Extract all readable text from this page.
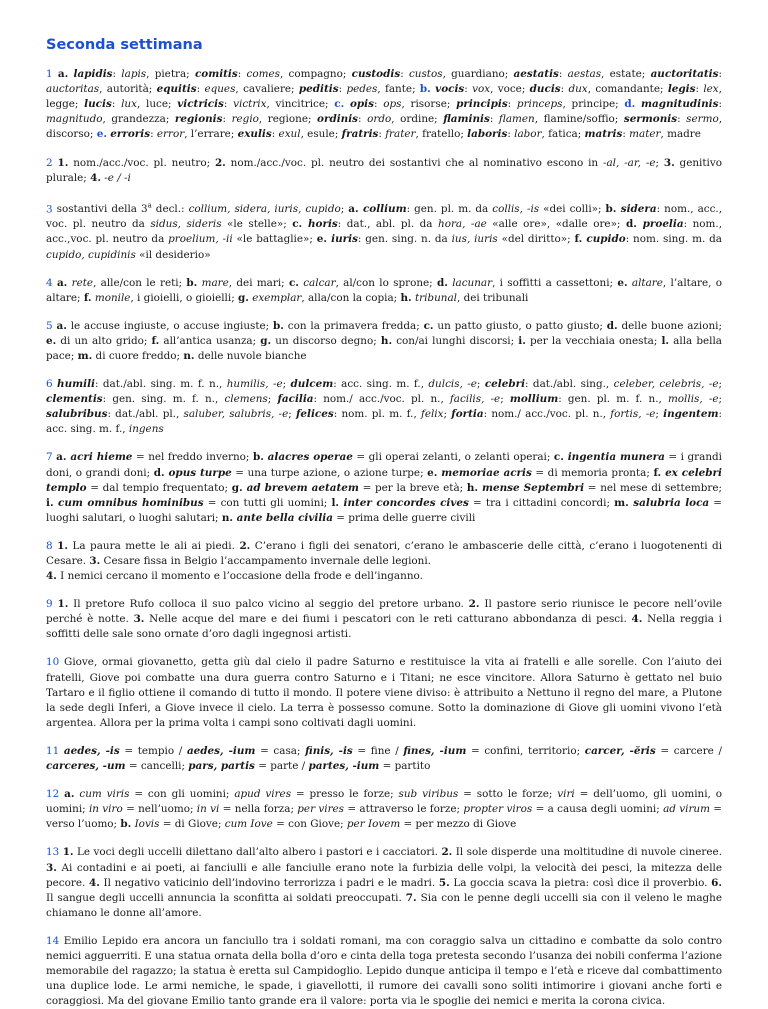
Seconda settimana

1 a. lapidis: lapis, pietra; comitis: comes, compagno; custodis: custos, guardiano; aestatis: aestas, estate; auctoritatis: auctoritas, autorità; equitis: eques, cavaliere; peditis: pedes, fante; b. vocis: vox, voce; ducis: dux, comandante; legis: lex, legge; lucis: lux, luce; victricis: victrix, vincitrice; c. opis: ops, risorse; principis: princeps, principe; d. magnitudinis: magnitudo, grandezza; regionis: regio, regione; ordinis: ordo, ordine; flaminis: flamen, flamine/soffio; sermonis: sermo, discorso; e. erroris: error, l’errare; exulis: exul, esule; fratris: frater, fratello; laboris: labor, fatica; matris: mater, madre

2 1. nom./acc./voc. pl. neutro; 2. nom./acc./voc. pl. neutro dei sostantivi che al nominativo escono in -al, -ar, -e; 3. genitivo plurale; 4. -e / -i

3 sostantivi della 3$^a$ decl.: collium, sidera, iuris, cupido; a. collium: gen. pl. m. da collis, -is «dei colli»; b. sidera: nom., acc., voc. pl. neutro da sidus, sideris «le stelle»; c. horis: dat., abl. pl. da hora, -ae «alle ore», «dalle ore»; d. proelia: nom., acc.,voc. pl. neutro da proelium, -ii «le battaglie»; e. iuris: gen. sing. n. da ius, iuris «del diritto»; f. cupido: nom. sing. m. da cupido, cupidinis «il desiderio»

4 a. rete, alle/con le reti; b. mare, dei mari; c. calcar, al/con lo sprone; d. lacunar, i soffitti a cassettoni; e. altare, l’altare, o altare; f. monile, i gioielli, o gioielli; g. exemplar, alla/con la copia; h. tribunal, dei tribunali

5 a. le accuse ingiuste, o accuse ingiuste; b. con la primavera fredda; c. un patto giusto, o patto giusto; d. delle buone azioni; e. di un alto grido; f. all’antica usanza; g. un discorso degno; h. con/ai lunghi discorsi; i. per la vecchiaia onesta; l. alla bella pace; m. di cuore freddo; n. delle nuvole bianche

6 humili: dat./abl. sing. m. f. n., humilis, -e; dulcem: acc. sing. m. f., dulcis, -e; celebri: dat./abl. sing., celeber, celebris, -e; clementis: gen. sing. m. f. n., clemens; facilia: nom./ acc./voc. pl. n., facilis, -e; mollium: gen. pl. m. f. n., mollis, -e; salubribus: dat./abl. pl., saluber, salubris, -e; felices: nom. pl. m. f., felix; fortia: nom./ acc./voc. pl. n., fortis, -e; ingentem: acc. sing. m. f., ingens

7 a. acri hieme = nel freddo inverno; b. alacres operae = gli operai zelanti, o zelanti operai; c. ingentia munera = i grandi doni, o grandi doni; d. opus turpe = una turpe azione, o azione turpe; e. memoriae acris = di memoria pronta; f. ex celebri templo = dal tempio frequentato; g. ad brevem aetatem = per la breve età; h. mense Septembri = nel mese di settembre; i. cum omnibus hominibus = con tutti gli uomini; l. inter concordes cives = tra i cittadini concordi; m. salubria loca = luoghi salutari, o luoghi salutari; n. ante bella civilia = prima delle guerre civili

8 1. La paura mette le ali ai piedi. 2. C’erano i figli dei senatori, c’erano le ambascerie delle città, c’erano i luogotenenti di Cesare. 3. Cesare fissa in Belgio l’accampamento invernale delle legioni.
4. I nemici cercano il momento e l’occasione della frode e dell’inganno.

9 1. Il pretore Rufo colloca il suo palco vicino al seggio del pretore urbano. 2. Il pastore serio riunisce le pecore nell’ovile perché è notte. 3. Nelle acque del mare e dei fiumi i pescatori con le reti catturano abbondanza di pesci. 4. Nella reggia i soffitti delle sale sono ornate d’oro dagli ingegnosi artisti.

10 Giove, ormai giovanetto, getta giù dal cielo il padre Saturno e restituisce la vita ai fratelli e alle sorelle. Con l’aiuto dei fratelli, Giove poi combatte una dura guerra contro Saturno e i Titani; ne esce vincitore. Allora Saturno è gettato nel buio Tartaro e il figlio ottiene il comando di tutto il mondo. Il potere viene diviso: è attribuito a Nettuno il regno del mare, a Plutone la sede degli Inferi, a Giove invece il cielo. La terra è possesso comune. Sotto la dominazione di Giove gli uomini vivono l’età argentea. Allora per la prima volta i campi sono coltivati dagli uomini.

11 aedes, -is = tempio / aedes, -ium = casa; finis, -is = fine / fines, -ium = confini, territorio; carcer, -ĕris = carcere / carceres, -um = cancelli; pars, partis = parte / partes, -ium = partito

12 a. cum viris = con gli uomini; apud vires = presso le forze; sub viribus = sotto le forze; viri = dell’uomo, gli uomini, o uomini; in viro = nell’uomo; in vi = nella forza; per vires = attraverso le forze; propter viros = a causa degli uomini; ad virum = verso l’uomo; b. Iovis = di Giove; cum Iove = con Giove; per Iovem = per mezzo di Giove

13 1. Le voci degli uccelli dilettano dall’alto albero i pastori e i cacciatori. 2. Il sole disperde una moltitudine di nuvole cineree. 3. Ai contadini e ai poeti, ai fanciulli e alle fanciulle erano note la furbizia delle volpi, la velocità dei pesci, la mitezza delle pecore. 4. Il negativo vaticinio dell’indovino terrorizza i padri e le madri. 5. La goccia scava la pietra: così dice il proverbio. 6. Il sangue degli uccelli annuncia la sconfitta ai soldati preoccupati. 7. Sia con le penne degli uccelli sia con il veleno le maghe chiamano le donne all’amore.

14 Emilio Lepido era ancora un fanciullo tra i soldati romani, ma con coraggio salva un cittadino e combatte da solo contro nemici agguerriti. E una statua ornata della bolla d’oro e cinta della toga pretesta secondo l’usanza dei nobili conferma l’azione memorabile del ragazzo; la statua è eretta sul Campidoglio. Lepido dunque anticipa il tempo e l’età e riceve dal combattimento una duplice lode. Le armi nemiche, le spade, i giavellotti, il rumore dei cavalli sono soliti intimorire i giovani anche forti e coraggiosi. Ma del giovane Emilio tanto grande era il valore: porta via le spoglie dei nemici e merita la corona civica.
